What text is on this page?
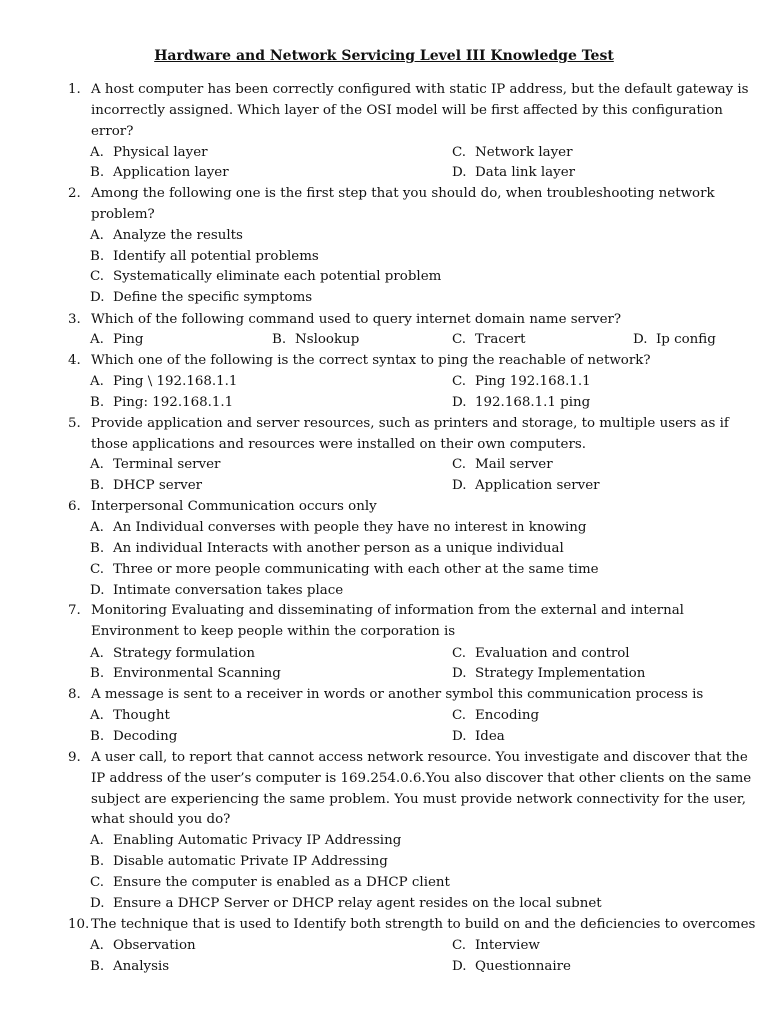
Hardware and Network Servicing Level III Knowledge Test
1. A host computer has been correctly configured with static IP address, but the default gateway is
incorrectly assigned. Which layer of the OSI model will be first affected by this configuration
error?
A. Physical layer	C. Network layer
B. Application layer	D. Data link layer
2. Among the following one is the first step that you should do, when troubleshooting network
problem?
A. Analyze the results
B. Identify all potential problems
C. Systematically eliminate each potential problem
D. Define the specific symptoms
3. Which of the following command used to query internet domain name server?
A. Ping	B. Nslookup	C. Tracert	D. Ip config
4. Which one of the following is the correct syntax to ping the reachable of network?
A. Ping \ 192.168.1.1	C. Ping 192.168.1.1
B. Ping: 192.168.1.1	D. 192.168.1.1 ping
5. Provide application and server resources, such as printers and storage, to multiple users as if
those applications and resources were installed on their own computers.
A. Terminal server	C. Mail server
B. DHCP server	D. Application server
6. Interpersonal Communication occurs only
A. An Individual converses with people they have no interest in knowing
B. An individual Interacts with another person as a unique individual
C. Three or more people communicating with each other at the same time
D. Intimate conversation takes place
7. Monitoring Evaluating and disseminating of information from the external and internal
Environment to keep people within the corporation is
A. Strategy formulation	C. Evaluation and control
B. Environmental Scanning	D. Strategy Implementation
8. A message is sent to a receiver in words or another symbol this communication process is
A. Thought	C. Encoding
B. Decoding	D. Idea
9. A user call, to report that cannot access network resource. You investigate and discover that the
IP address of the user’s computer is 169.254.0.6.You also discover that other clients on the same
subject are experiencing the same problem. You must provide network connectivity for the user,
what should you do?
A. Enabling Automatic Privacy IP Addressing
B. Disable automatic Private IP Addressing
C. Ensure the computer is enabled as a DHCP client
D. Ensure a DHCP Server or DHCP relay agent resides on the local subnet
10. The technique that is used to Identify both strength to build on and the deficiencies to overcomes
A. Observation	C. Interview
B. Analysis	D. Questionnaire
